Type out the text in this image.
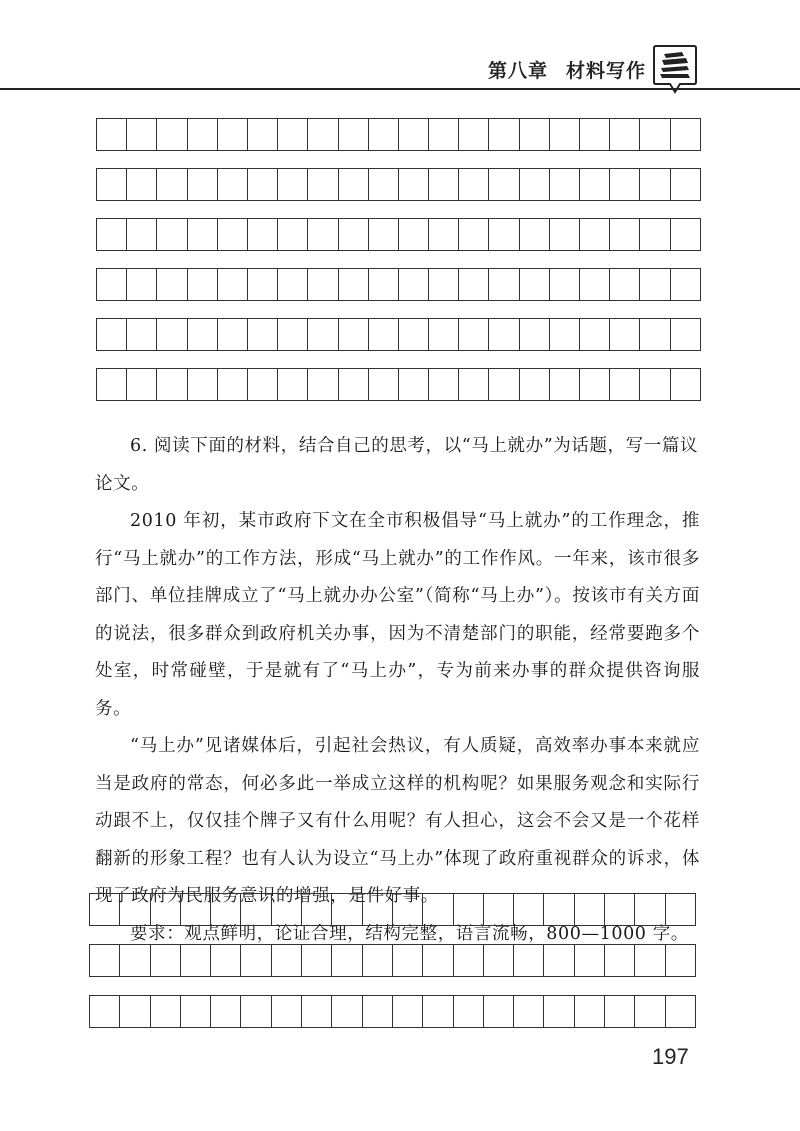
第八章 材料写作

6. 阅读下面的材料，结合自己的思考，以“马上就办”为话题，写一篇议

论文。

2010 年初，某市政府下文在全市积极倡导“马上就办”的工作理念，推行“马上就办”的工作方法，形成“马上就办”的工作作风。一年来，该市很多部门、单位挂牌成立了“马上就办办公室”（简称“马上办”）。按该市有关方面的说法，很多群众到政府机关办事，因为不清楚部门的职能，经常要跑多个处室，时常碰壁，于是就有了“马上办”，专为前来办事的群众提供咨询服务。

“马上办”见诸媒体后，引起社会热议，有人质疑，高效率办事本来就应当是政府的常态，何必多此一举成立这样的机构呢？如果服务观念和实际行动跟不上，仅仅挂个牌子又有什么用呢？有人担心，这会不会又是一个花样翻新的形象工程？也有人认为设立“马上办”体现了政府重视群众的诉求，体现了政府为民服务意识的增强，是件好事。

要求：观点鲜明，论证合理，结构完整，语言流畅，800—1000 字。

197
